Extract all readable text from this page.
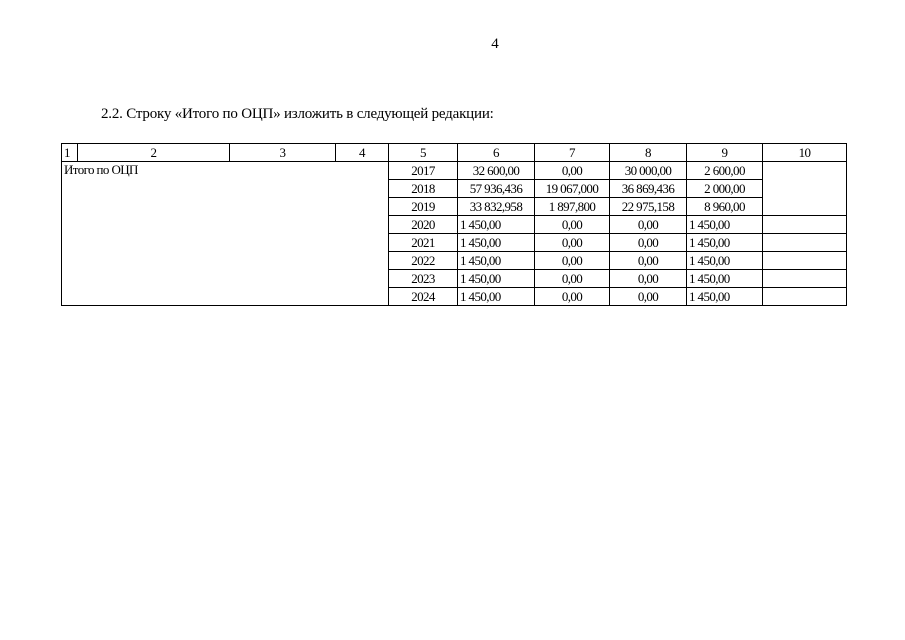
4
2.2. Строку «Итого по ОЦП» изложить в следующей редакции:
1	2	3	4	5	6	7	8	9	10
Итого по ОЦП				2017	32 600,00	0,00	30 000,00	2 600,00	
				2018	57 936,436	19 067,000	36 869,436	2 000,00	
				2019	33 832,958	1 897,800	22 975,158	8 960,00	
				2020	1 450,00	0,00	0,00	1 450,00	
				2021	1 450,00	0,00	0,00	1 450,00	
				2022	1 450,00	0,00	0,00	1 450,00	
				2023	1 450,00	0,00	0,00	1 450,00	
				2024	1 450,00	0,00	0,00	1 450,00	
